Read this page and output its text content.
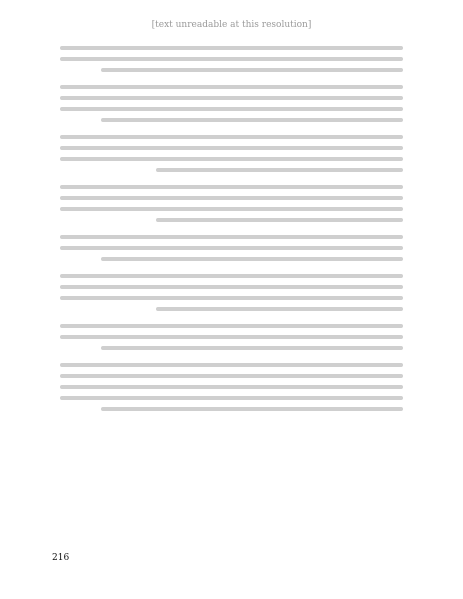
[text unreadable at this resolution]
216
